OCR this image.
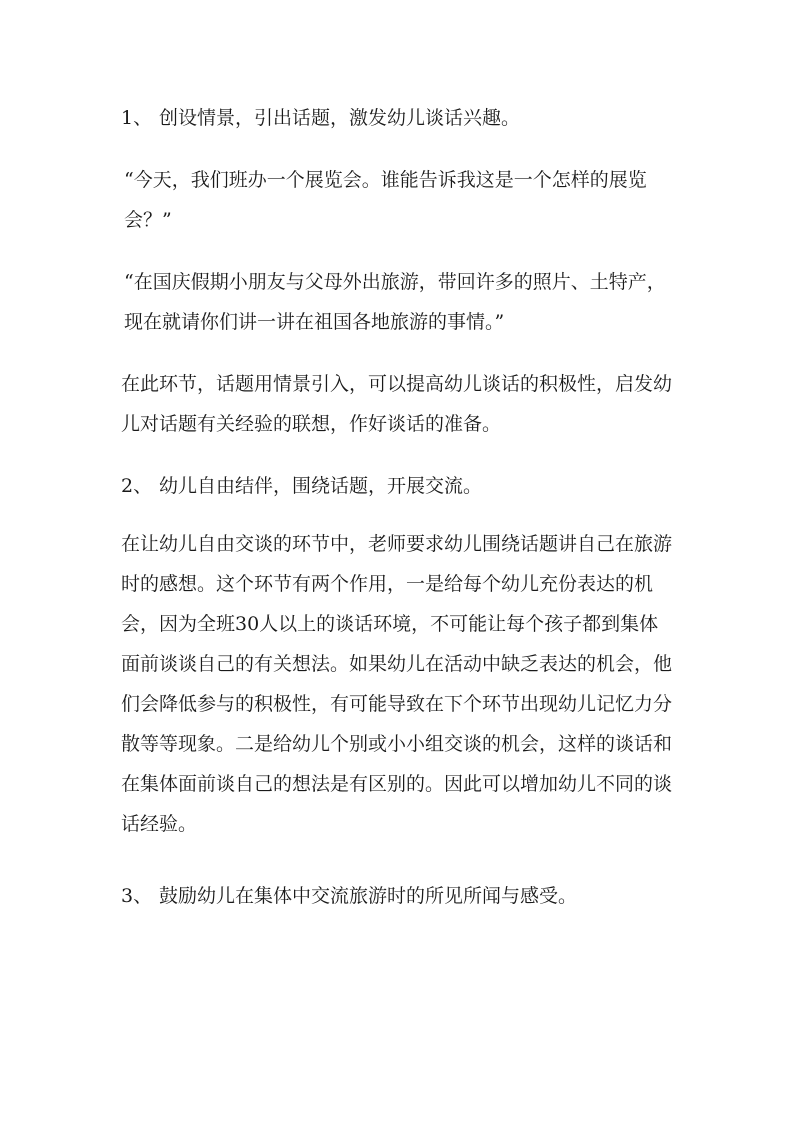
1、 创设情景，引出话题，激发幼儿谈话兴趣。
“今天，我们班办一个展览会。谁能告诉我这是一个怎样的展览会？”
“在国庆假期小朋友与父母外出旅游，带回许多的照片、土特产，现在就请你们讲一讲在祖国各地旅游的事情。”
在此环节，话题用情景引入，可以提高幼儿谈话的积极性，启发幼儿对话题有关经验的联想，作好谈话的准备。
2、 幼儿自由结伴，围绕话题，开展交流。
在让幼儿自由交谈的环节中，老师要求幼儿围绕话题讲自己在旅游时的感想。这个环节有两个作用，一是给每个幼儿充份表达的机会，因为全班30人以上的谈话环境，不可能让每个孩子都到集体面前谈谈自己的有关想法。如果幼儿在活动中缺乏表达的机会，他们会降低参与的积极性，有可能导致在下个环节出现幼儿记忆力分散等等现象。二是给幼儿个别或小小组交谈的机会，这样的谈话和在集体面前谈自己的想法是有区别的。因此可以增加幼儿不同的谈话经验。
3、 鼓励幼儿在集体中交流旅游时的所见所闻与感受。
